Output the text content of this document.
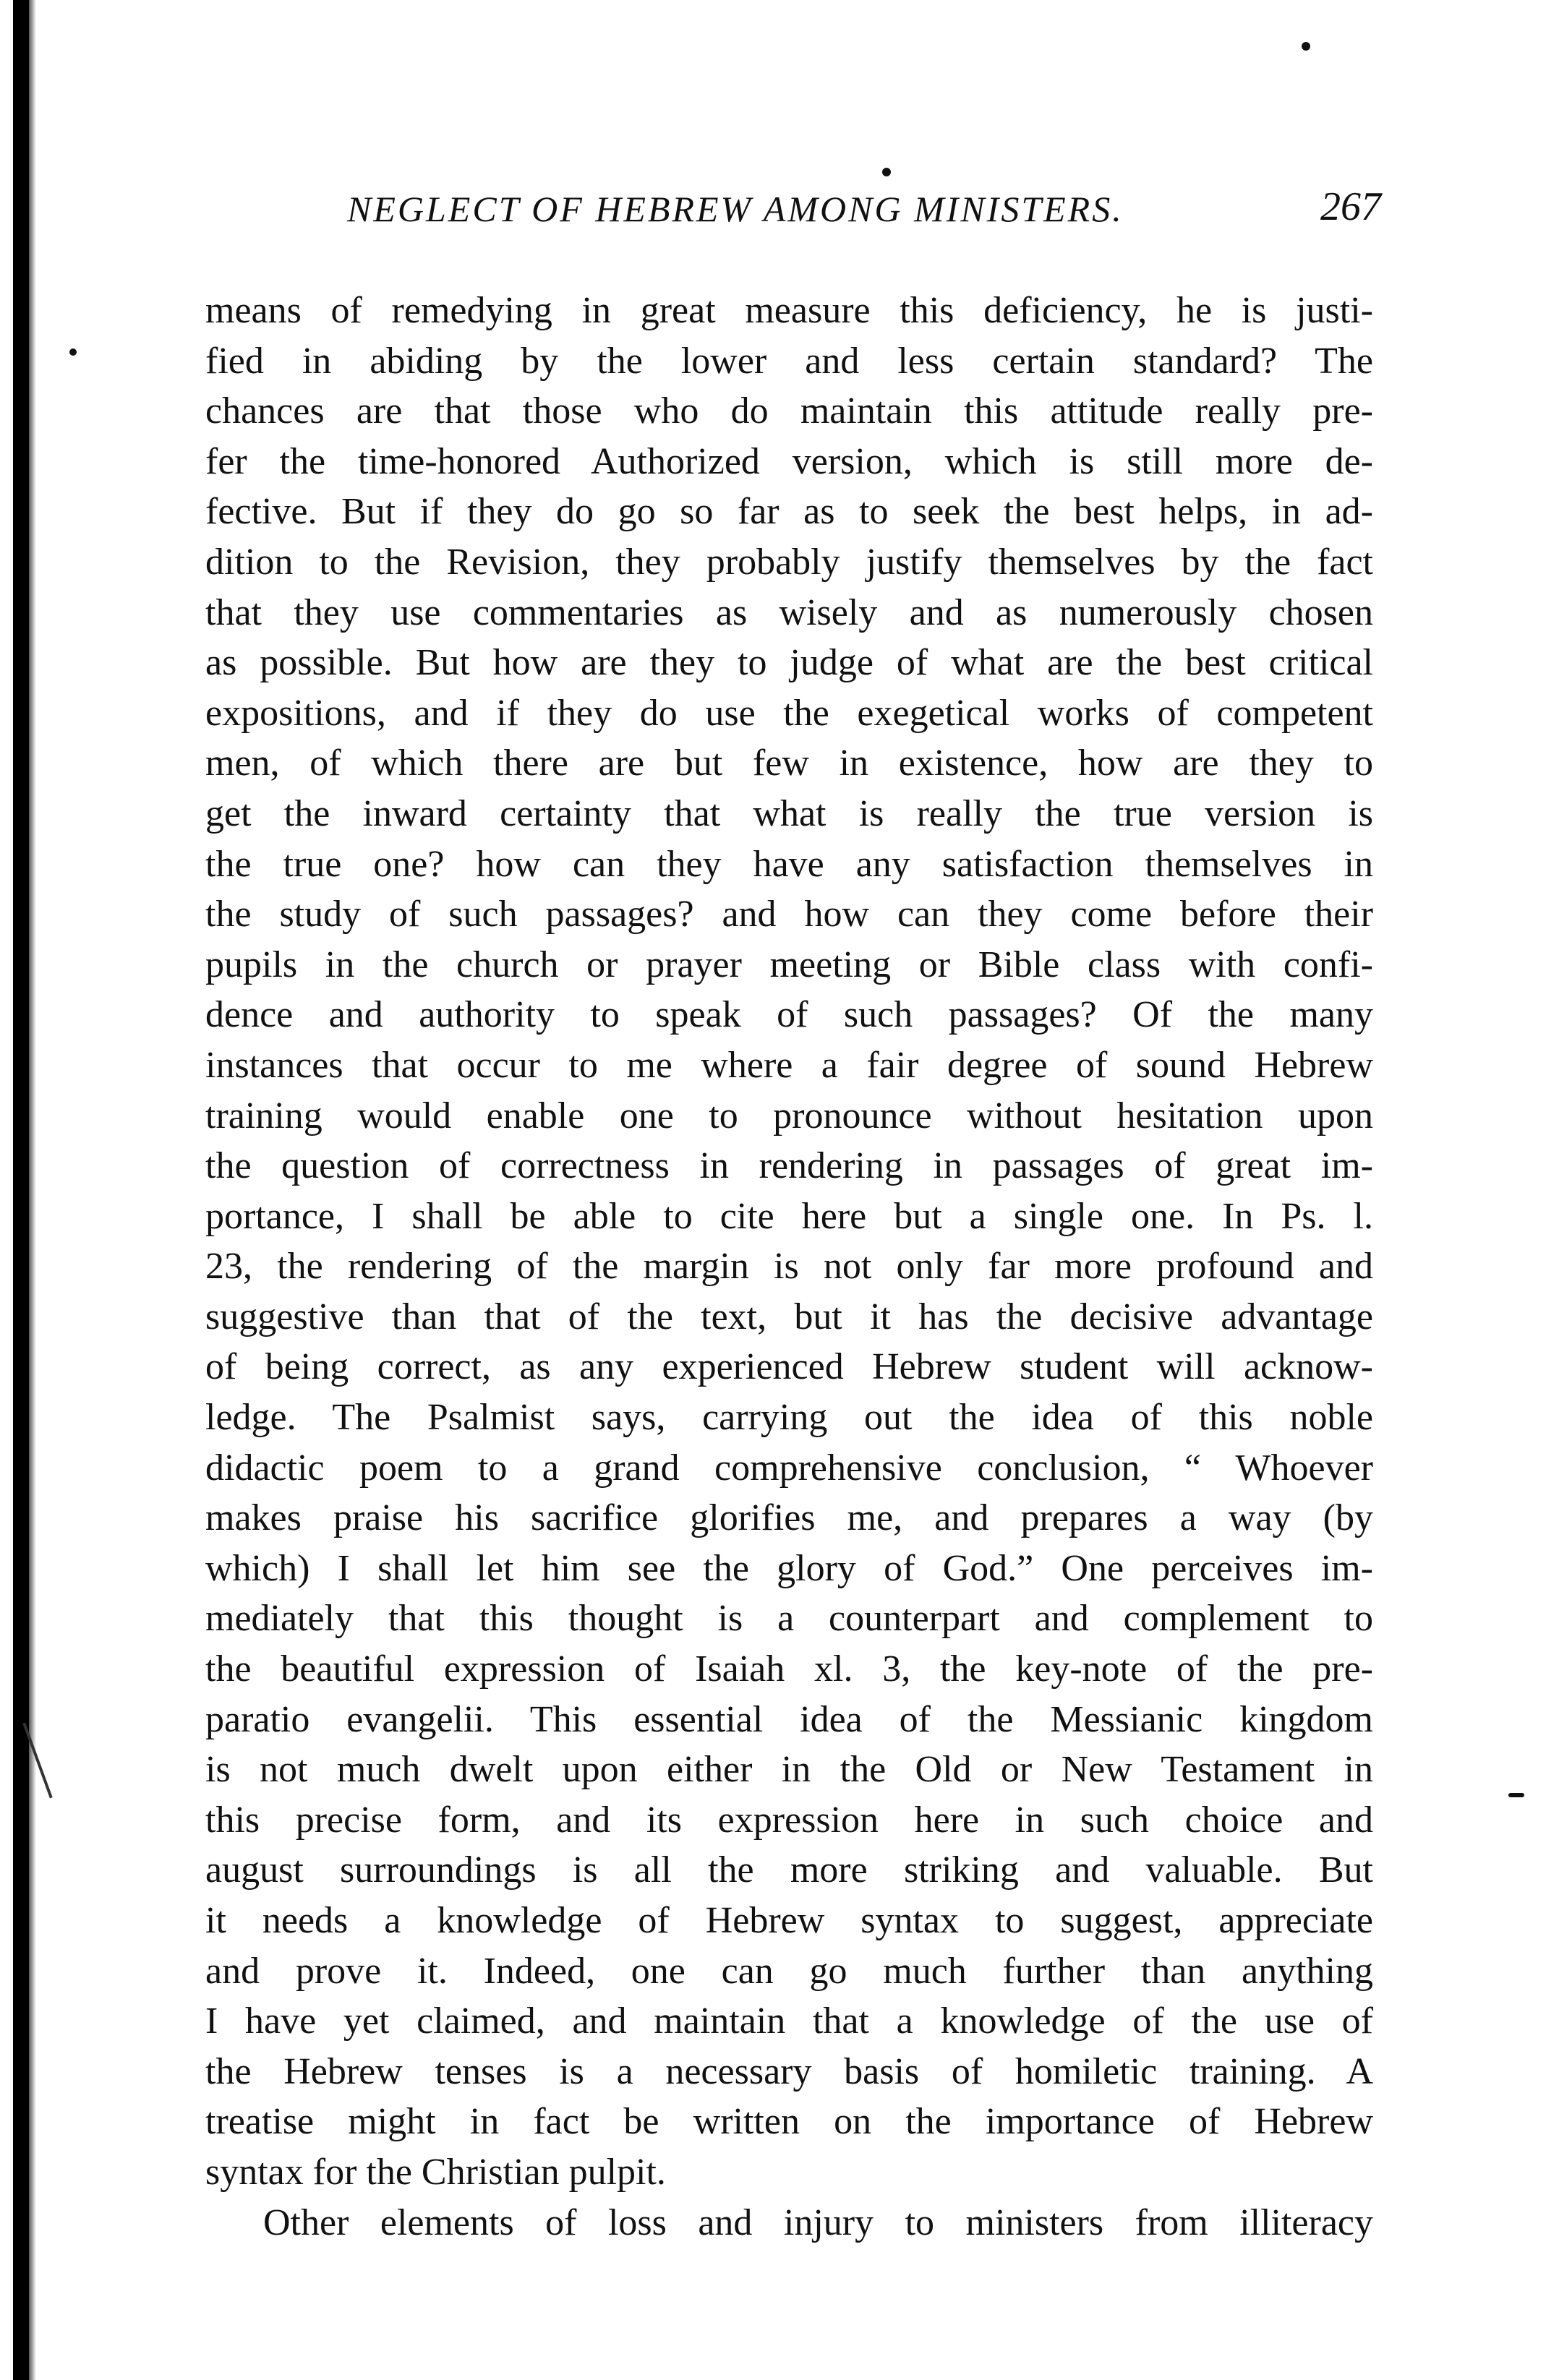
NEGLECT OF HEBREW AMONG MINISTERS.	267
means of remedying in great measure this deficiency, he is justi-
fied in abiding by the lower and less certain standard? The
chances are that those who do maintain this attitude really pre-
fer the time-honored Authorized version, which is still more de-
fective. But if they do go so far as to seek the best helps, in ad-
dition to the Revision, they probably justify themselves by the fact
that they use commentaries as wisely and as numerously chosen
as possible. But how are they to judge of what are the best critical
expositions, and if they do use the exegetical works of competent
men, of which there are but few in existence, how are they to
get the inward certainty that what is really the true version is
the true one? how can they have any satisfaction themselves in
the study of such passages? and how can they come before their
pupils in the church or prayer meeting or Bible class with confi-
dence and authority to speak of such passages? Of the many
instances that occur to me where a fair degree of sound Hebrew
training would enable one to pronounce without hesitation upon
the question of correctness in rendering in passages of great im-
portance, I shall be able to cite here but a single one. In Ps. l.
23, the rendering of the margin is not only far more profound and
suggestive than that of the text, but it has the decisive advantage
of being correct, as any experienced Hebrew student will acknow-
ledge. The Psalmist says, carrying out the idea of this noble
didactic poem to a grand comprehensive conclusion, “ Whoever
makes praise his sacrifice glorifies me, and prepares a way (by
which) I shall let him see the glory of God.” One perceives im-
mediately that this thought is a counterpart and complement to
the beautiful expression of Isaiah xl. 3, the key-note of the pre-
paratio evangelii. This essential idea of the Messianic kingdom
is not much dwelt upon either in the Old or New Testament in
this precise form, and its expression here in such choice and
august surroundings is all the more striking and valuable. But
it needs a knowledge of Hebrew syntax to suggest, appreciate
and prove it. Indeed, one can go much further than anything
I have yet claimed, and maintain that a knowledge of the use of
the Hebrew tenses is a necessary basis of homiletic training. A
treatise might in fact be written on the importance of Hebrew
syntax for the Christian pulpit.
Other elements of loss and injury to ministers from illiteracy
